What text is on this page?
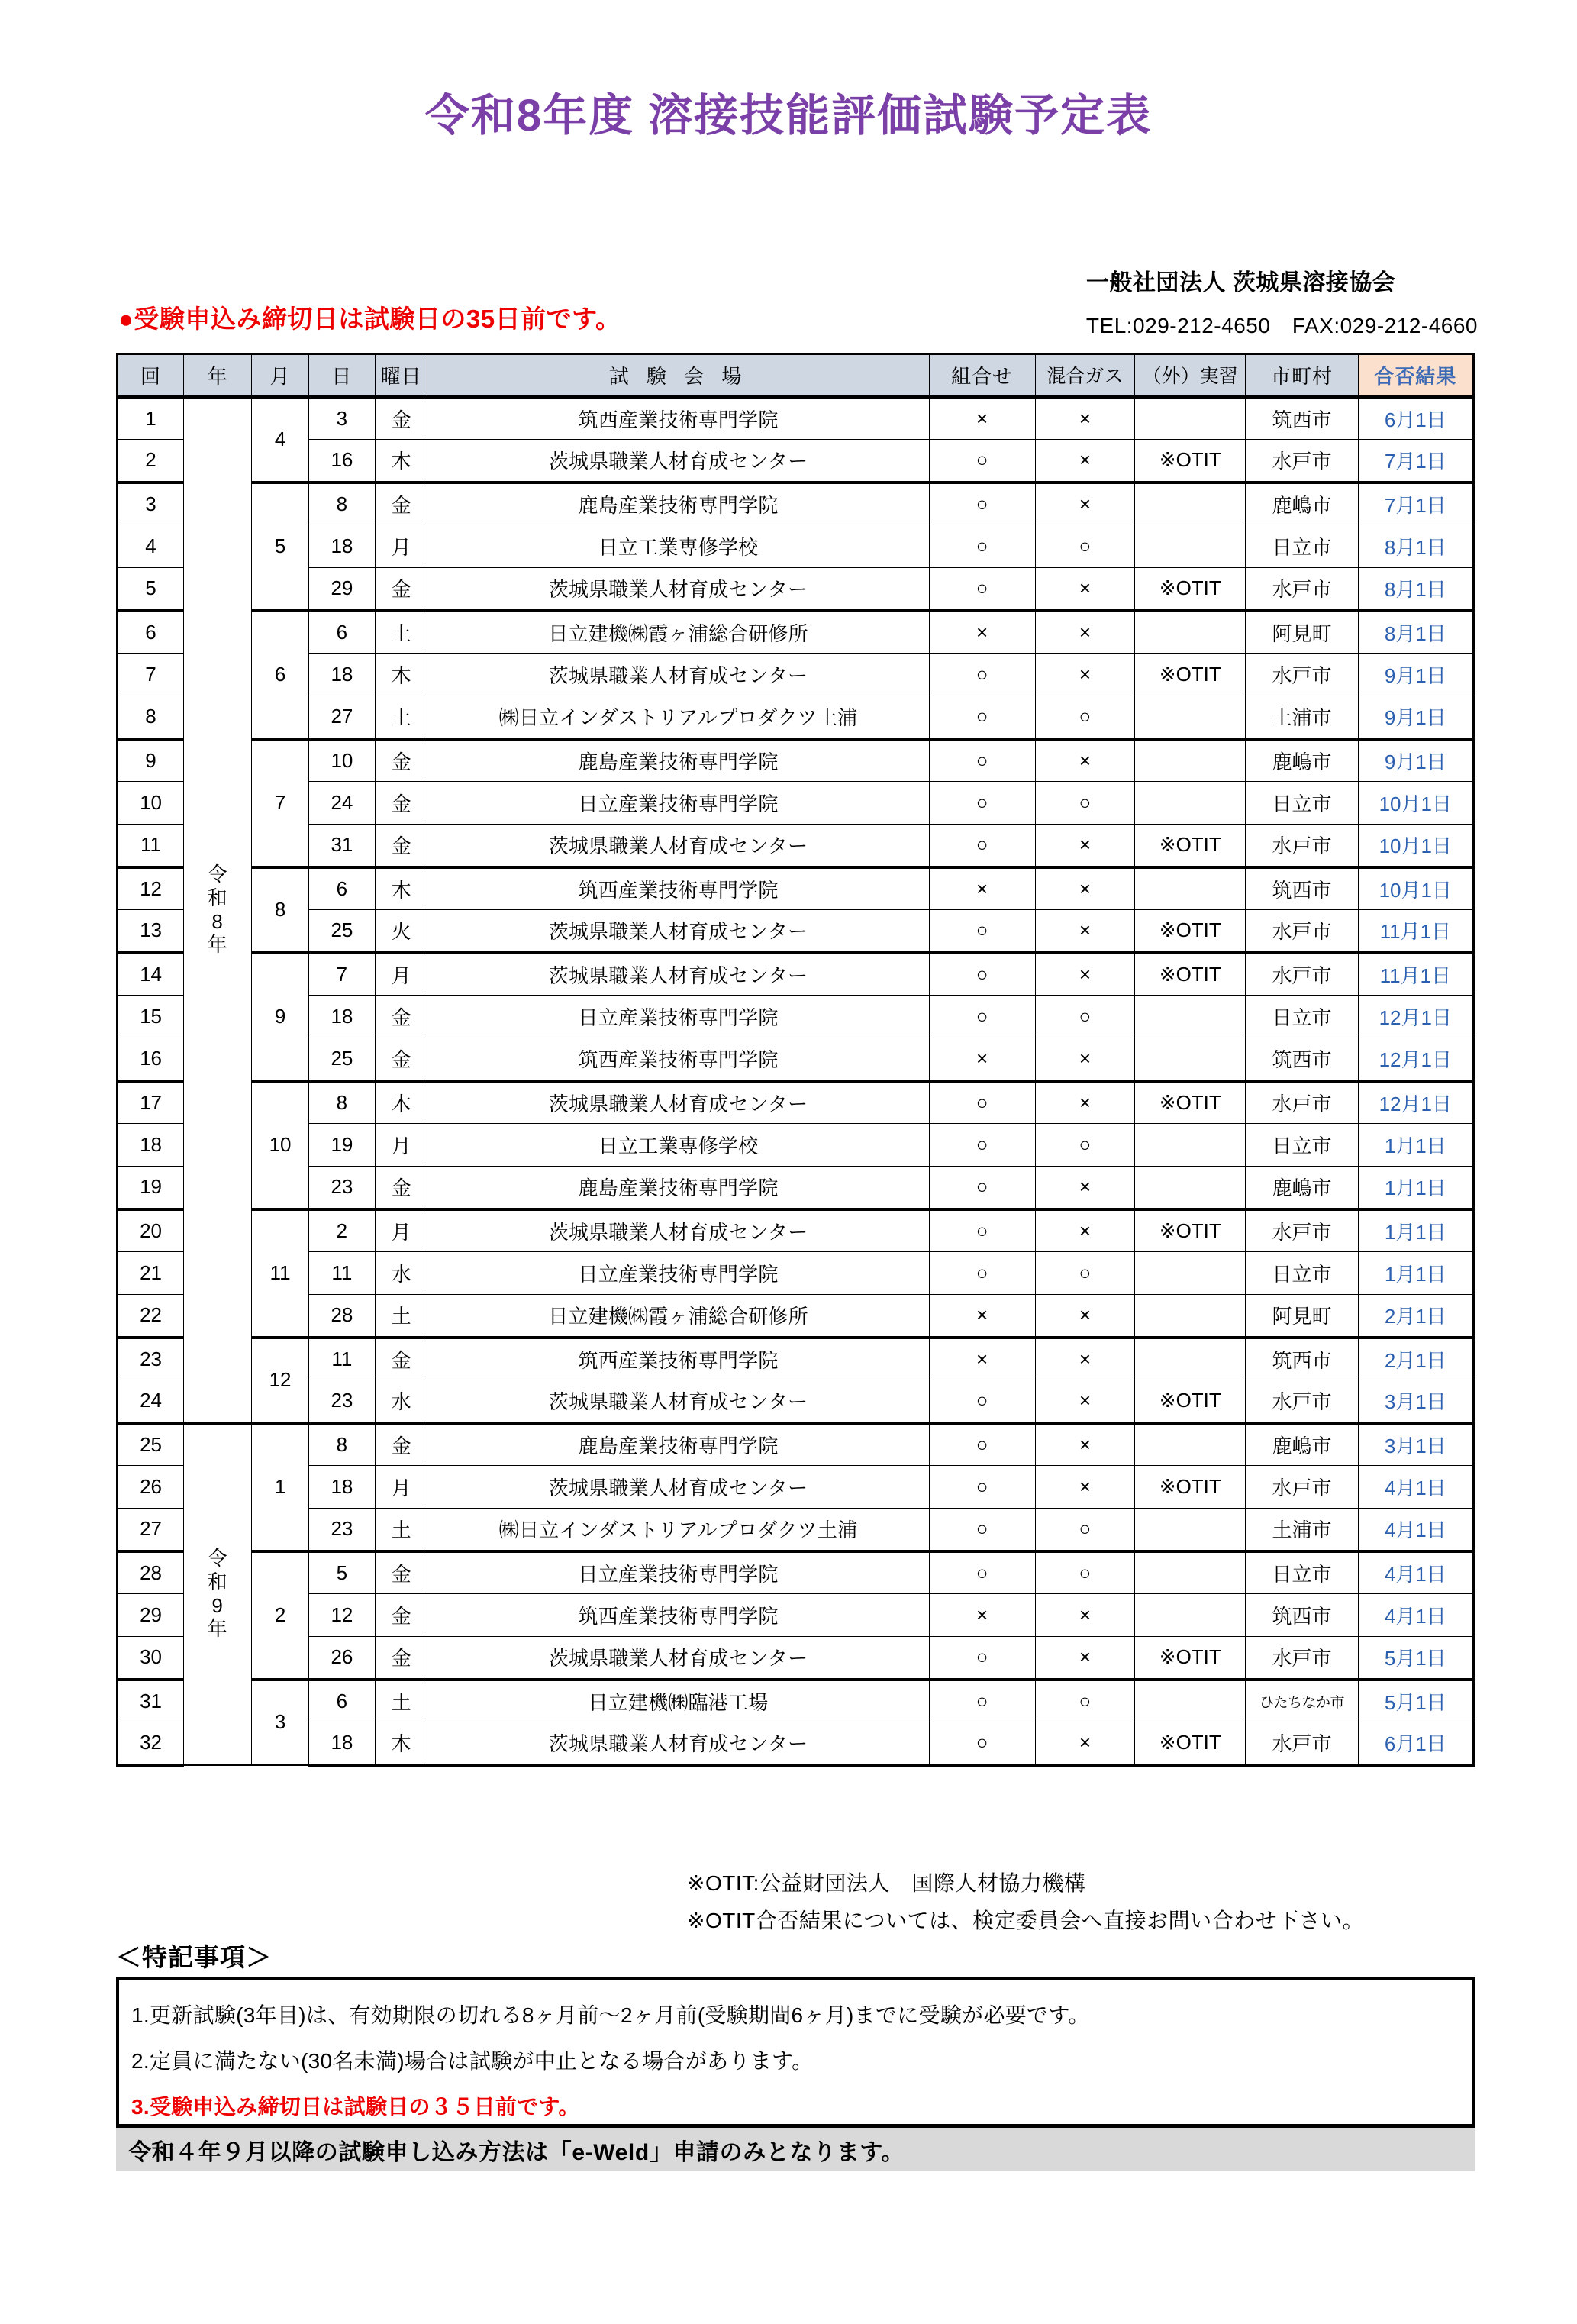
令和8年度 溶接技能評価試験予定表
一般社団法人 茨城県溶接協会
TEL:029-212-4650　FAX:029-212-4660
●受験申込み締切日は試験日の35日前です。
回	年	月	日	曜日	試 験 会 場	組合せ	混合ガス	（外）実習	市町村	合否結果
1	令
和
8
年	4	3	金	筑西産業技術専門学院	×	×		筑西市	6月1日
2			16	木	茨城県職業人材育成センター	○	×	※OTIT	水戸市	7月1日
3		5	8	金	鹿島産業技術専門学院	○	×		鹿嶋市	7月1日
4			18	月	日立工業専修学校	○	○		日立市	8月1日
5			29	金	茨城県職業人材育成センター	○	×	※OTIT	水戸市	8月1日
6		6	6	土	日立建機㈱霞ヶ浦総合研修所	×	×		阿見町	8月1日
7			18	木	茨城県職業人材育成センター	○	×	※OTIT	水戸市	9月1日
8			27	土	㈱日立インダストリアルプロダクツ土浦	○	○		土浦市	9月1日
9		7	10	金	鹿島産業技術専門学院	○	×		鹿嶋市	9月1日
10			24	金	日立産業技術専門学院	○	○		日立市	10月1日
11			31	金	茨城県職業人材育成センター	○	×	※OTIT	水戸市	10月1日
12		8	6	木	筑西産業技術専門学院	×	×		筑西市	10月1日
13			25	火	茨城県職業人材育成センター	○	×	※OTIT	水戸市	11月1日
14		9	7	月	茨城県職業人材育成センター	○	×	※OTIT	水戸市	11月1日
15			18	金	日立産業技術専門学院	○	○		日立市	12月1日
16			25	金	筑西産業技術専門学院	×	×		筑西市	12月1日
17		10	8	木	茨城県職業人材育成センター	○	×	※OTIT	水戸市	12月1日
18			19	月	日立工業専修学校	○	○		日立市	1月1日
19			23	金	鹿島産業技術専門学院	○	×		鹿嶋市	1月1日
20		11	2	月	茨城県職業人材育成センター	○	×	※OTIT	水戸市	1月1日
21			11	水	日立産業技術専門学院	○	○		日立市	1月1日
22			28	土	日立建機㈱霞ヶ浦総合研修所	×	×		阿見町	2月1日
23		12	11	金	筑西産業技術専門学院	×	×		筑西市	2月1日
24			23	水	茨城県職業人材育成センター	○	×	※OTIT	水戸市	3月1日
25	令
和
9
年	1	8	金	鹿島産業技術専門学院	○	×		鹿嶋市	3月1日
26			18	月	茨城県職業人材育成センター	○	×	※OTIT	水戸市	4月1日
27			23	土	㈱日立インダストリアルプロダクツ土浦	○	○		土浦市	4月1日
28		2	5	金	日立産業技術専門学院	○	○		日立市	4月1日
29			12	金	筑西産業技術専門学院	×	×		筑西市	4月1日
30			26	金	茨城県職業人材育成センター	○	×	※OTIT	水戸市	5月1日
31		3	6	土	日立建機㈱臨港工場	○	○		ひたちなか市	5月1日
32			18	木	茨城県職業人材育成センター	○	×	※OTIT	水戸市	6月1日
※OTIT:公益財団法人　国際人材協力機構
※OTIT合否結果については、検定委員会へ直接お問い合わせ下さい。
＜特記事項＞
1.更新試験(3年目)は、有効期限の切れる8ヶ月前～2ヶ月前(受験期間6ヶ月)までに受験が必要です。
2.定員に満たない(30名未満)場合は試験が中止となる場合があります。
3.受験申込み締切日は試験日の３５日前です。
令和４年９月以降の試験申し込み方法は「e-Weld」申請のみとなります。
